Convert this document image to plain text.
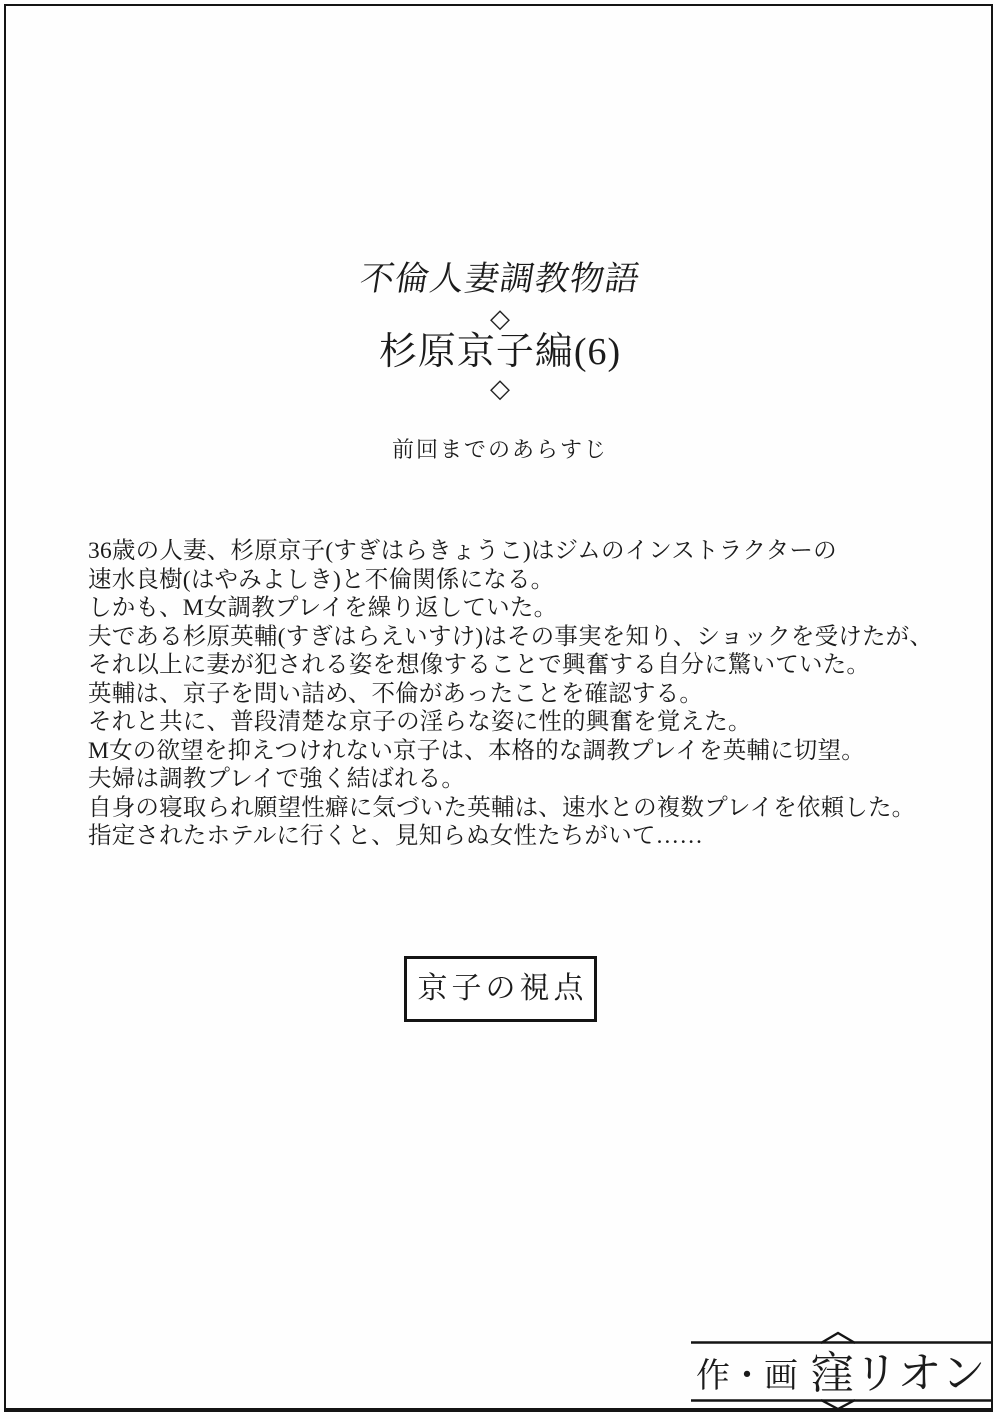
不倫人妻調教物語
◇
杉原京子編(6)
◇
前回までのあらすじ
36歳の人妻、杉原京子(すぎはらきょうこ)はジムのインストラクターの
速水良樹(はやみよしき)と不倫関係になる。
しかも、M女調教プレイを繰り返していた。
夫である杉原英輔(すぎはらえいすけ)はその事実を知り、ショックを受けたが、
それ以上に妻が犯される姿を想像することで興奮する自分に驚いていた。
英輔は、京子を問い詰め、不倫があったことを確認する。
それと共に、普段清楚な京子の淫らな姿に性的興奮を覚えた。
M女の欲望を抑えつけれない京子は、本格的な調教プレイを英輔に切望。
夫婦は調教プレイで強く結ばれる。
自身の寝取られ願望性癖に気づいた英輔は、速水との複数プレイを依頼した。
指定されたホテルに行くと、見知らぬ女性たちがいて……
京子の視点
作・画 窪リオン
